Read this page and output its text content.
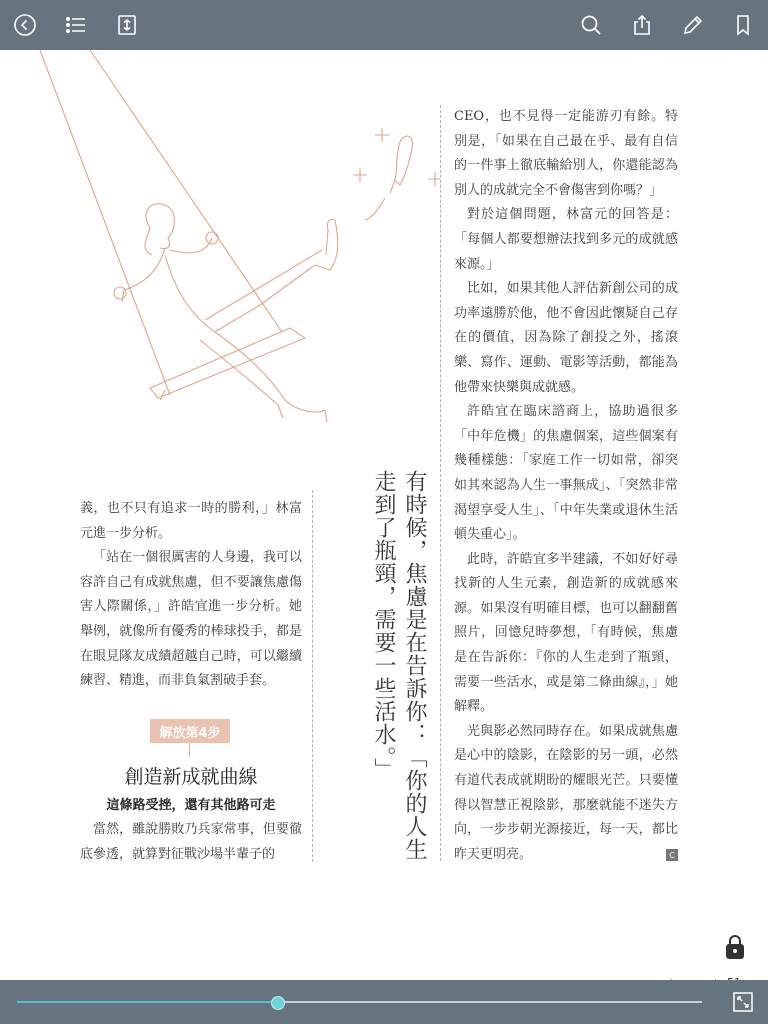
有時候，焦慮是在告訴你：「你的人生走到了瓶頸，需要一些活水。」

CEO，也不見得一定能游刃有餘。特別是，「如果在自己最在乎、最有自信的一件事上徹底輸給別人，你還能認為別人的成就完全不會傷害到你嗎？」

對於這個問題，林富元的回答是：「每個人都要想辦法找到多元的成就感來源。」

比如，如果其他人評估新創公司的成功率遠勝於他，他不會因此懷疑自己存在的價值，因為除了創投之外，搖滾樂、寫作、運動、電影等活動，都能為他帶來快樂與成就感。

許皓宜在臨床諮商上，協助過很多「中年危機」的焦慮個案，這些個案有幾種樣態：「家庭工作一切如常，卻突如其來認為人生一事無成」、「突然非常渴望享受人生」、「中年失業或退休生活頓失重心」。

此時，許皓宜多半建議，不如好好尋找新的人生元素，創造新的成就感來源。如果沒有明確目標，也可以翻翻舊照片，回憶兒時夢想，「有時候，焦慮是在告訴你：『你的人生走到了瓶頸，需要一些活水，或是第二條曲線』，」她解釋。

光與影必然同時存在。如果成就焦慮是心中的陰影，在陰影的另一頭，必然有道代表成就期盼的耀眼光芒。只要懂得以智慧正視陰影，那麼就能不迷失方向，一步步朝光源接近，每一天，都比昨天更明亮。	C

義，也不只有追求一時的勝利，」林富元進一步分析。

「站在一個很厲害的人身邊，我可以容許自己有成就焦慮，但不要讓焦慮傷害人際關係，」許皓宜進一步分析。她舉例，就像所有優秀的棒球投手，都是在眼見隊友成績超越自己時，可以繼續練習、精進，而非負氣割破手套。

解放第4步
創造新成就曲線
這條路受挫，還有其他路可走

當然，雖說勝敗乃兵家常事，但要徹底參透，就算對征戰沙場半輩子的
